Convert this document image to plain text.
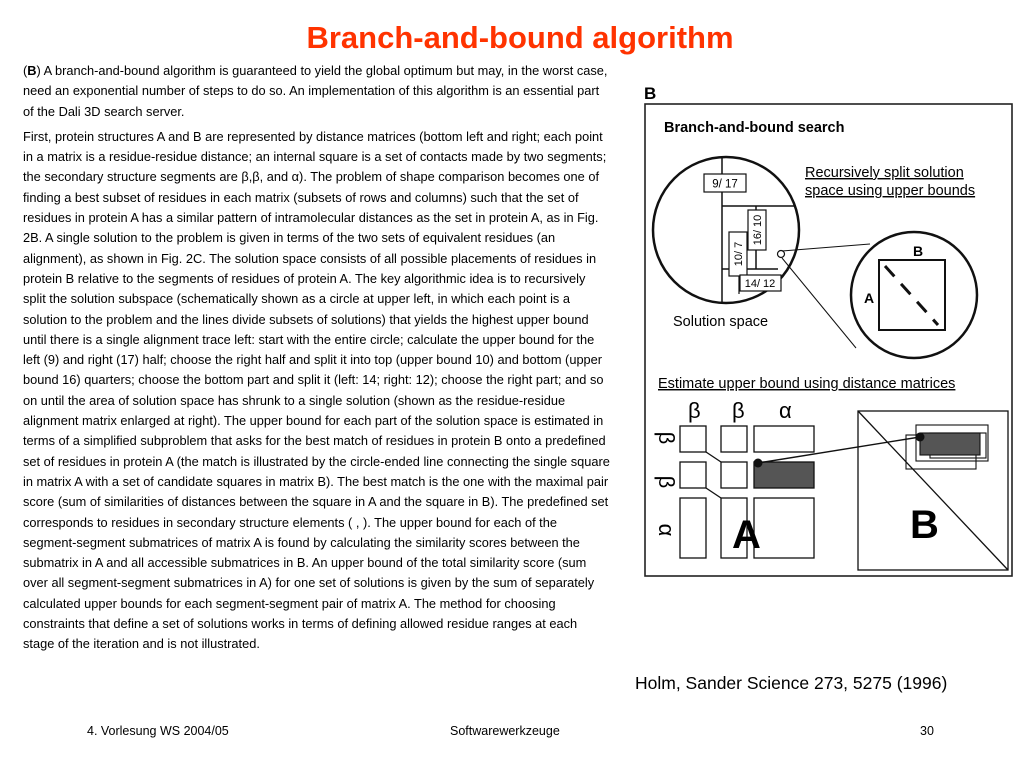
Branch-and-bound algorithm

(B) A branch-and-bound algorithm is guaranteed to yield the global optimum but may, in the worst case, need an exponential number of steps to do so. An implementation of this algorithm is an essential part of the Dali 3D search server.

First, protein structures A and B are represented by distance matrices (bottom left and right; each point in a matrix is a residue-residue distance; an internal square is a set of contacts made by two segments; the secondary structure segments are β,β, and α). The problem of shape comparison becomes one of finding a best subset of residues in each matrix (subsets of rows and columns) such that the set of residues in protein A has a similar pattern of intramolecular distances as the set in protein A, as in Fig. 2B. A single solution to the problem is given in terms of the two sets of equivalent residues (an alignment), as shown in Fig. 2C. The solution space consists of all possible placements of residues in protein B relative to the segments of residues of protein A. The key algorithmic idea is to recursively split the solution subspace (schematically shown as a circle at upper left, in which each point is a solution to the problem and the lines divide subsets of solutions) that yields the highest upper bound until there is a single alignment trace left: start with the entire circle; calculate the upper bound for the left (9) and right (17) half; choose the right half and split it into top (upper bound 10) and bottom (upper bound 16) quarters; choose the bottom part and split it (left: 14; right: 12); choose the right part; and so on until the area of solution space has shrunk to a single solution (shown as the residue-residue alignment matrix enlarged at right). The upper bound for each part of the solution space is estimated in terms of a simplified subproblem that asks for the best match of residues in protein B onto a predefined set of residues in protein A (the match is illustrated by the circle-ended line connecting the single square in matrix A with a set of candidate squares in matrix B). The best match is the one with the maximal pair score (sum of similarities of distances between the square in A and the square in B). The predefined set corresponds to residues in secondary structure elements ( , ). The upper bound for each of the segment-segment submatrices of matrix A is found by calculating the similarity scores between the submatrix in A and all accessible submatrices in B. An upper bound of the total similarity score (sum over all segment-segment submatrices in A) for one set of solutions is given by the sum of separately calculated upper bounds for each segment-segment pair of matrix A. The method for choosing constraints that define a set of solutions works in terms of defining allowed residue ranges at each stage of the iteration and is not illustrated.

B
Branch-and-bound search
9/ 17
16/ 10
10/ 7
14/ 12
Recursively split solution
space using upper bounds
B
A
Solution space
Estimate upper bound using distance matrices
β β α
β
β
α A	B
Holm, Sander Science 273, 5275 (1996)
4. Vorlesung WS 2004/05	Softwarewerkzeuge	30
